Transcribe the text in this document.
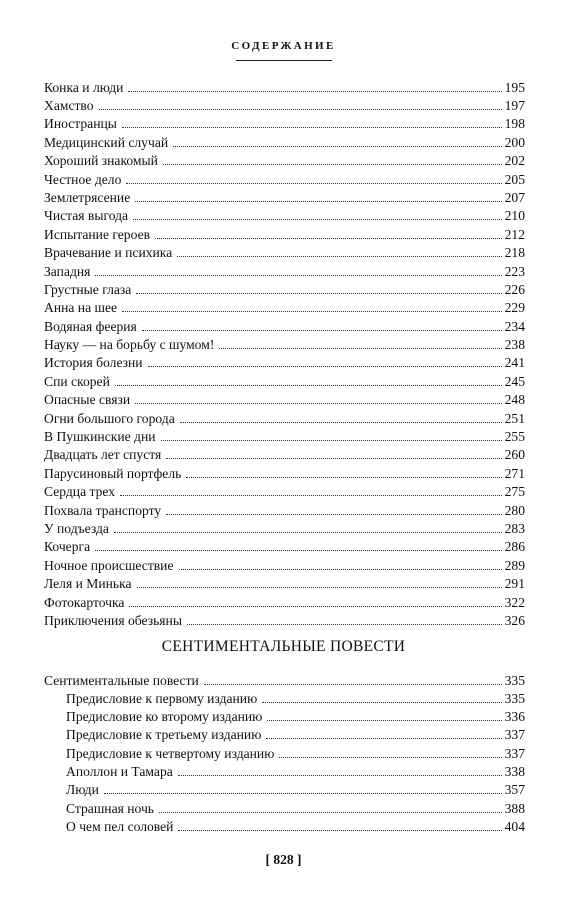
СОДЕРЖАНИЕ
Конка и люди	195
Хамство	197
Иностранцы	198
Медицинский случай	200
Хороший знакомый	202
Честное дело	205
Землетрясение	207
Чистая выгода	210
Испытание героев	212
Врачевание и психика	218
Западня	223
Грустные глаза	226
Анна на шее	229
Водяная феерия	234
Науку — на борьбу с шумом!	238
История болезни	241
Спи скорей	245
Опасные связи	248
Огни большого города	251
В Пушкинские дни	255
Двадцать лет спустя	260
Парусиновый портфель	271
Сердца трех	275
Похвала транспорту	280
У подъезда	283
Кочерга	286
Ночное происшествие	289
Леля и Минька	291
Фотокарточка	322
Приключения обезьяны	326
СЕНТИМЕНТАЛЬНЫЕ ПОВЕСТИ
Сентиментальные повести	335
Предисловие к первому изданию	335
Предисловие ко второму изданию	336
Предисловие к третьему изданию	337
Предисловие к четвертому изданию	337
Аполлон и Тамара	338
Люди	357
Страшная ночь	388
О чем пел соловей	404
[ 828 ]
